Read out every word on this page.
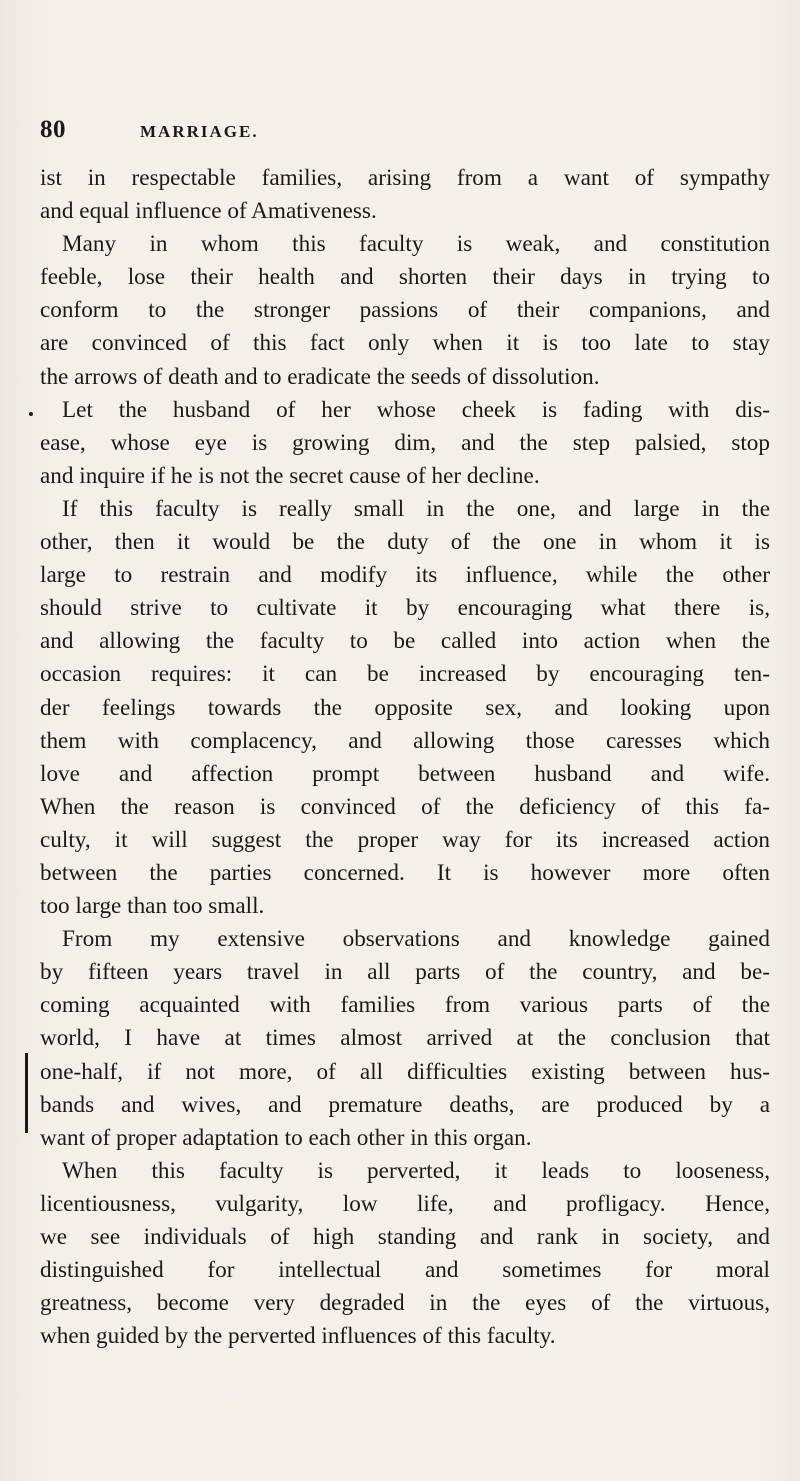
80	MARRIAGE.
ist in respectable families, arising from a want of sympathy
and equal influence of Amativeness.
Many in whom this faculty is weak, and constitution
feeble, lose their health and shorten their days in trying to
conform to the stronger passions of their companions, and
are convinced of this fact only when it is too late to stay
the arrows of death and to eradicate the seeds of dissolution.
Let the husband of her whose cheek is fading with dis-
ease, whose eye is growing dim, and the step palsied, stop
and inquire if he is not the secret cause of her decline.
If this faculty is really small in the one, and large in the
other, then it would be the duty of the one in whom it is
large to restrain and modify its influence, while the other
should strive to cultivate it by encouraging what there is,
and allowing the faculty to be called into action when the
occasion requires: it can be increased by encouraging ten-
der feelings towards the opposite sex, and looking upon
them with complacency, and allowing those caresses which
love and affection prompt between husband and wife.
When the reason is convinced of the deficiency of this fa-
culty, it will suggest the proper way for its increased action
between the parties concerned. It is however more often
too large than too small.
From my extensive observations and knowledge gained
by fifteen years travel in all parts of the country, and be-
coming acquainted with families from various parts of the
world, I have at times almost arrived at the conclusion that
one-half, if not more, of all difficulties existing between hus-
bands and wives, and premature deaths, are produced by a
want of proper adaptation to each other in this organ.
When this faculty is perverted, it leads to looseness,
licentiousness, vulgarity, low life, and profligacy. Hence,
we see individuals of high standing and rank in society, and
distinguished for intellectual and sometimes for moral
greatness, become very degraded in the eyes of the virtuous,
when guided by the perverted influences of this faculty.
